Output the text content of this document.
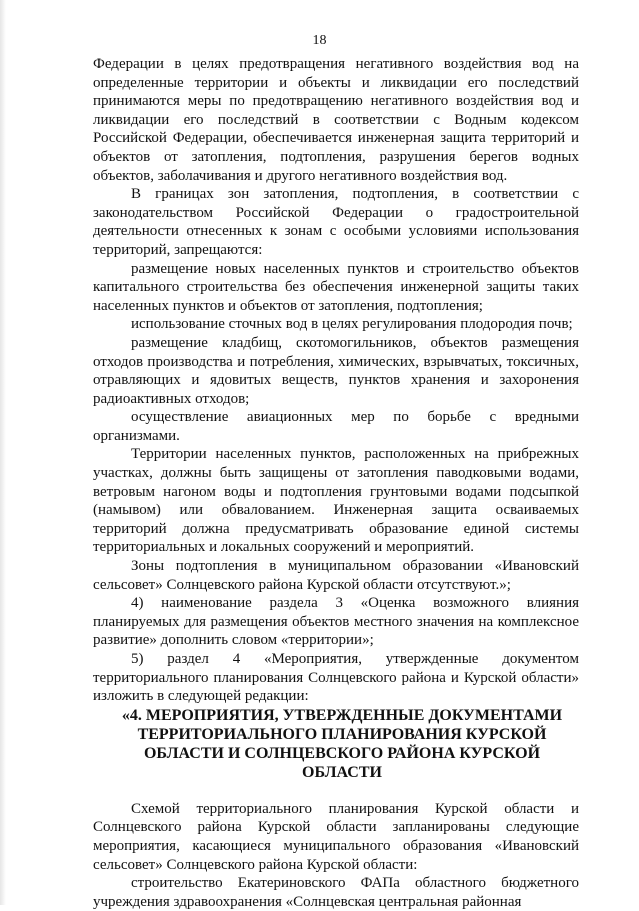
18

Федерации в целях предотвращения негативного воздействия вод на определенные территории и объекты и ликвидации его последствий принимаются меры по предотвращению негативного воздействия вод и ликвидации его последствий в соответствии с Водным кодексом Российской Федерации, обеспечивается инженерная защита территорий и объектов от затопления, подтопления, разрушения берегов водных объектов, заболачивания и другого негативного воздействия вод.

В границах зон затопления, подтопления, в соответствии с законодательством Российской Федерации о градостроительной деятельности отнесенных к зонам с особыми условиями использования территорий, запрещаются:

размещение новых населенных пунктов и строительство объектов капитального строительства без обеспечения инженерной защиты таких населенных пунктов и объектов от затопления, подтопления;

использование сточных вод в целях регулирования плодородия почв;

размещение кладбищ, скотомогильников, объектов размещения отходов производства и потребления, химических, взрывчатых, токсичных, отравляющих и ядовитых веществ, пунктов хранения и захоронения радиоактивных отходов;

осуществление авиационных мер по борьбе с вредными организмами.

Территории населенных пунктов, расположенных на прибрежных участках, должны быть защищены от затопления паводковыми водами, ветровым нагоном воды и подтопления грунтовыми водами подсыпкой (намывом) или обвалованием. Инженерная защита осваиваемых территорий должна предусматривать образование единой системы территориальных и локальных сооружений и мероприятий.

Зоны подтопления в муниципальном образовании «Ивановский сельсовет» Солнцевского района Курской области отсутствуют.»;

4) наименование раздела 3 «Оценка возможного влияния планируемых для размещения объектов местного значения на комплексное развитие» дополнить словом «территории»;

5) раздел 4 «Мероприятия, утвержденные документом территориального планирования Солнцевского района и Курской области» изложить в следующей редакции:

«4. МЕРОПРИЯТИЯ, УТВЕРЖДЕННЫЕ ДОКУМЕНТАМИ ТЕРРИТОРИАЛЬНОГО ПЛАНИРОВАНИЯ КУРСКОЙ ОБЛАСТИ И СОЛНЦЕВСКОГО РАЙОНА КУРСКОЙ ОБЛАСТИ

Схемой территориального планирования Курской области и Солнцевского района Курской области запланированы следующие мероприятия, касающиеся муниципального образования «Ивановский сельсовет» Солнцевского района Курской области:

строительство Екатериновского ФАПа областного бюджетного учреждения здравоохранения «Солнцевская центральная районная
